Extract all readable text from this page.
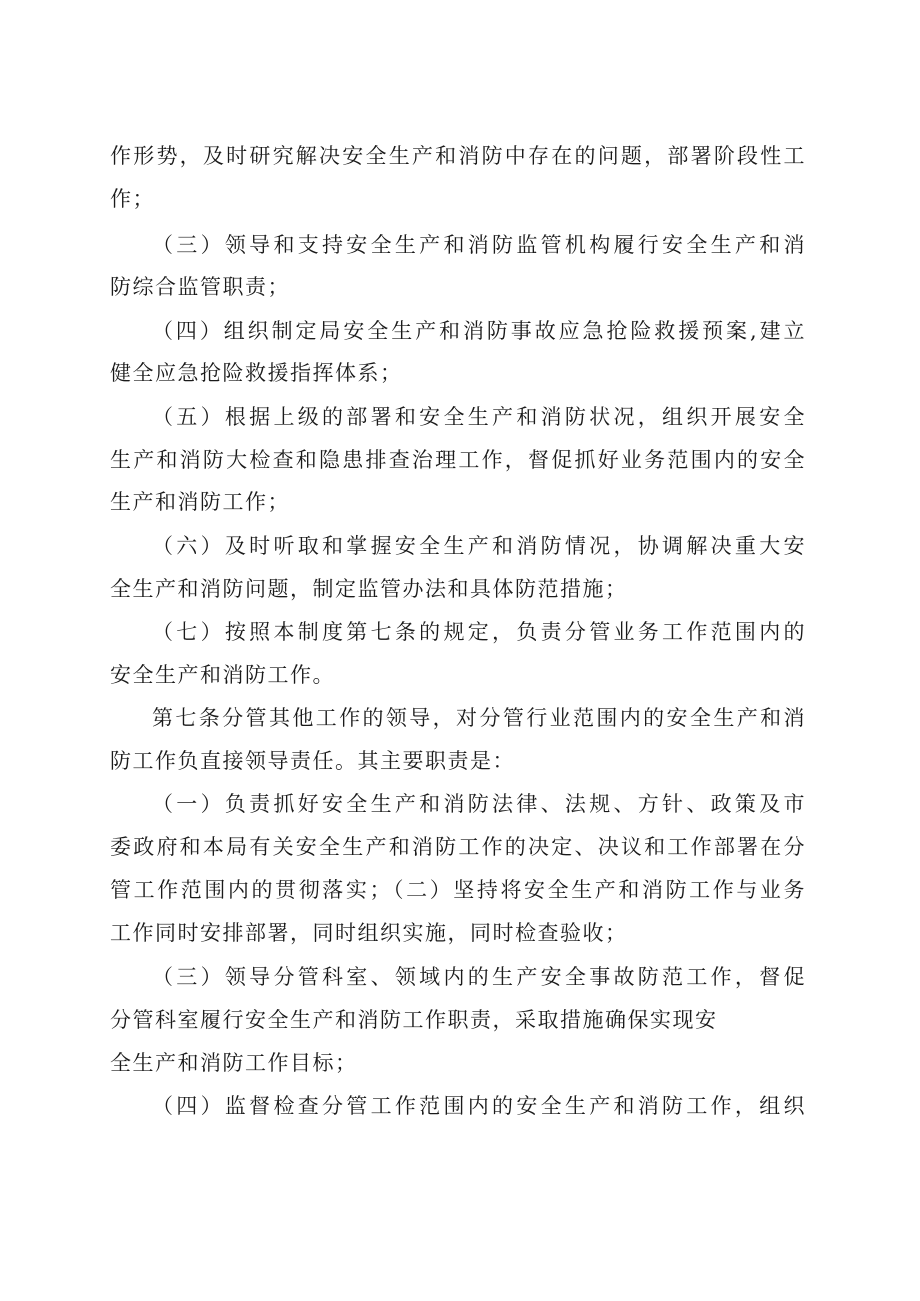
作形势，及时研究解决安全生产和消防中存在的问题，部署阶段性工
作；
（三）领导和支持安全生产和消防监管机构履行安全生产和消
防综合监管职责；
（四）组织制定局安全生产和消防事故应急抢险救援预案,建立
健全应急抢险救援指挥体系；
（五）根据上级的部署和安全生产和消防状况，组织开展安全
生产和消防大检查和隐患排查治理工作，督促抓好业务范围内的安全
生产和消防工作；
（六）及时听取和掌握安全生产和消防情况，协调解决重大安
全生产和消防问题，制定监管办法和具体防范措施；
（七）按照本制度第七条的规定，负责分管业务工作范围内的
安全生产和消防工作。
第七条分管其他工作的领导，对分管行业范围内的安全生产和消
防工作负直接领导责任。其主要职责是：
（一）负责抓好安全生产和消防法律、法规、方针、政策及市
委政府和本局有关安全生产和消防工作的决定、决议和工作部署在分
管工作范围内的贯彻落实；（二）坚持将安全生产和消防工作与业务
工作同时安排部署，同时组织实施，同时检查验收；
（三）领导分管科室、领域内的生产安全事故防范工作，督促
分管科室履行安全生产和消防工作职责，采取措施确保实现安
全生产和消防工作目标；
（四）监督检查分管工作范围内的安全生产和消防工作，组织
